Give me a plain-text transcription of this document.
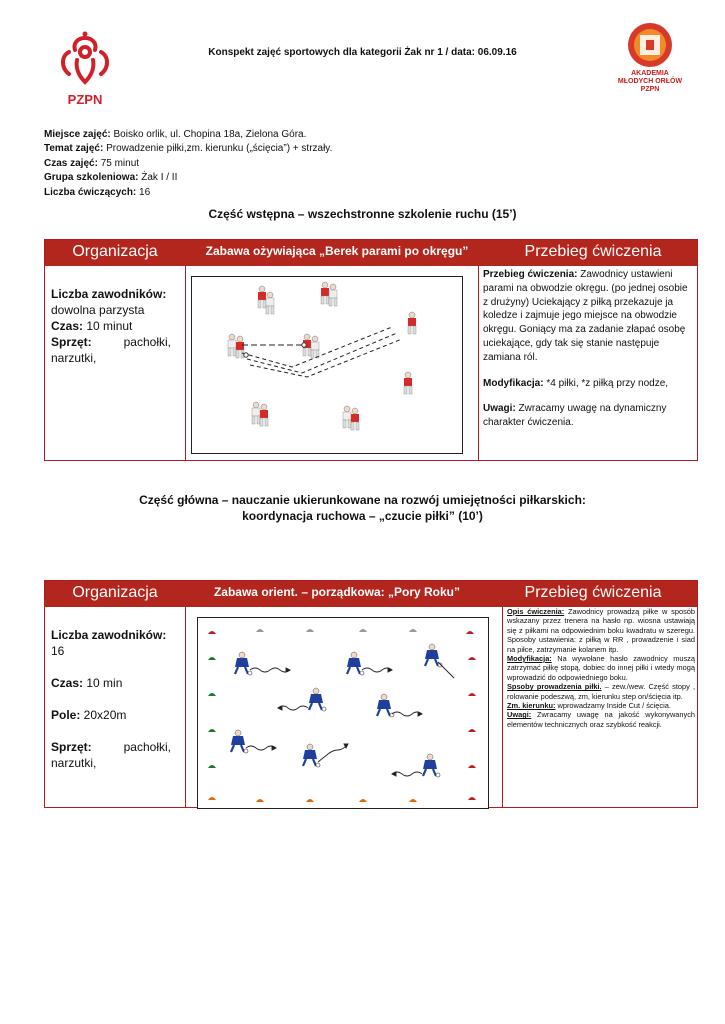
Konspekt zajęć sportowych dla kategorii Żak nr 1 / data: 06.09.16
PZPN
AKADEMIA
MŁODYCH ORŁÓW
PZPN
Miejsce zajęć: Boisko orlik, ul. Chopina 18a, Zielona Góra.
Temat zajęć: Prowadzenie piłki,zm. kierunku („ścięcia”) + strzały.
Czas zajęć: 75 minut
Grupa szkoleniowa: Żak I / II
Liczba ćwiczących: 16
Część wstępna – wszechstronne szkolenie ruchu (15’)
Organizacja	Zabawa ożywiająca „Berek parami po okręgu”	Przebieg ćwiczenia
Liczba zawodników:
dowolna parzysta
Czas: 10 minut
Sprzęt:	pachołki,
narzutki,
Przebieg ćwiczenia: Zawodnicy ustawieni parami na obwodzie okręgu. (po jednej osobie z drużyny) Uciekający z piłką przekazuje ja koledze i zajmuje jego miejsce na obwodzie okręgu. Goniący ma za zadanie złapać osobę uciekające, gdy tak się stanie następuje zamiana ról.
Modyfikacja: *4 piłki, *z piłką przy nodze,
Uwagi: Zwracamy uwagę na dynamiczny charakter ćwiczenia.
Część główna – nauczanie ukierunkowane na rozwój umiejętności piłkarskich:
koordynacja ruchowa – „czucie piłki” (10’)
Organizacja	Zabawa orient. – porządkowa: „Pory Roku”	Przebieg ćwiczenia
Liczba zawodników:
16
Czas: 10 min
Pole: 20x20m
Sprzęt:	pachołki,
narzutki,
Opis ćwiczenia: Zawodnicy prowadzą piłke w sposób wskazany przez trenera na hasło np. wiosna ustawiają się z piłkami na odpowiednim boku kwadratu w szeregu. Sposoby ustawienia: z piłką w RR , prowadzenie i siad na piłce, zatrzymanie kolanem itp.
Modyfikacja: Na wywołane hasło zawodnicy muszą zatrzymać piłkę stopą, dobiec do innej piłki i wtedy mogą wprowadzić do odpowiedniego boku.
Spsoby prowadzenia piłki. – zew./wew. Część stopy , rolowanie podeszwą, zm, kierunku step on/ścięcia itp.
Zm. kierunku: wprowadzamy Inside Cut / ścięcia.
Uwagi: Zwracamy uwagę na jakość wykonywanych elementów technicznych oraz szybkość reakcji.
